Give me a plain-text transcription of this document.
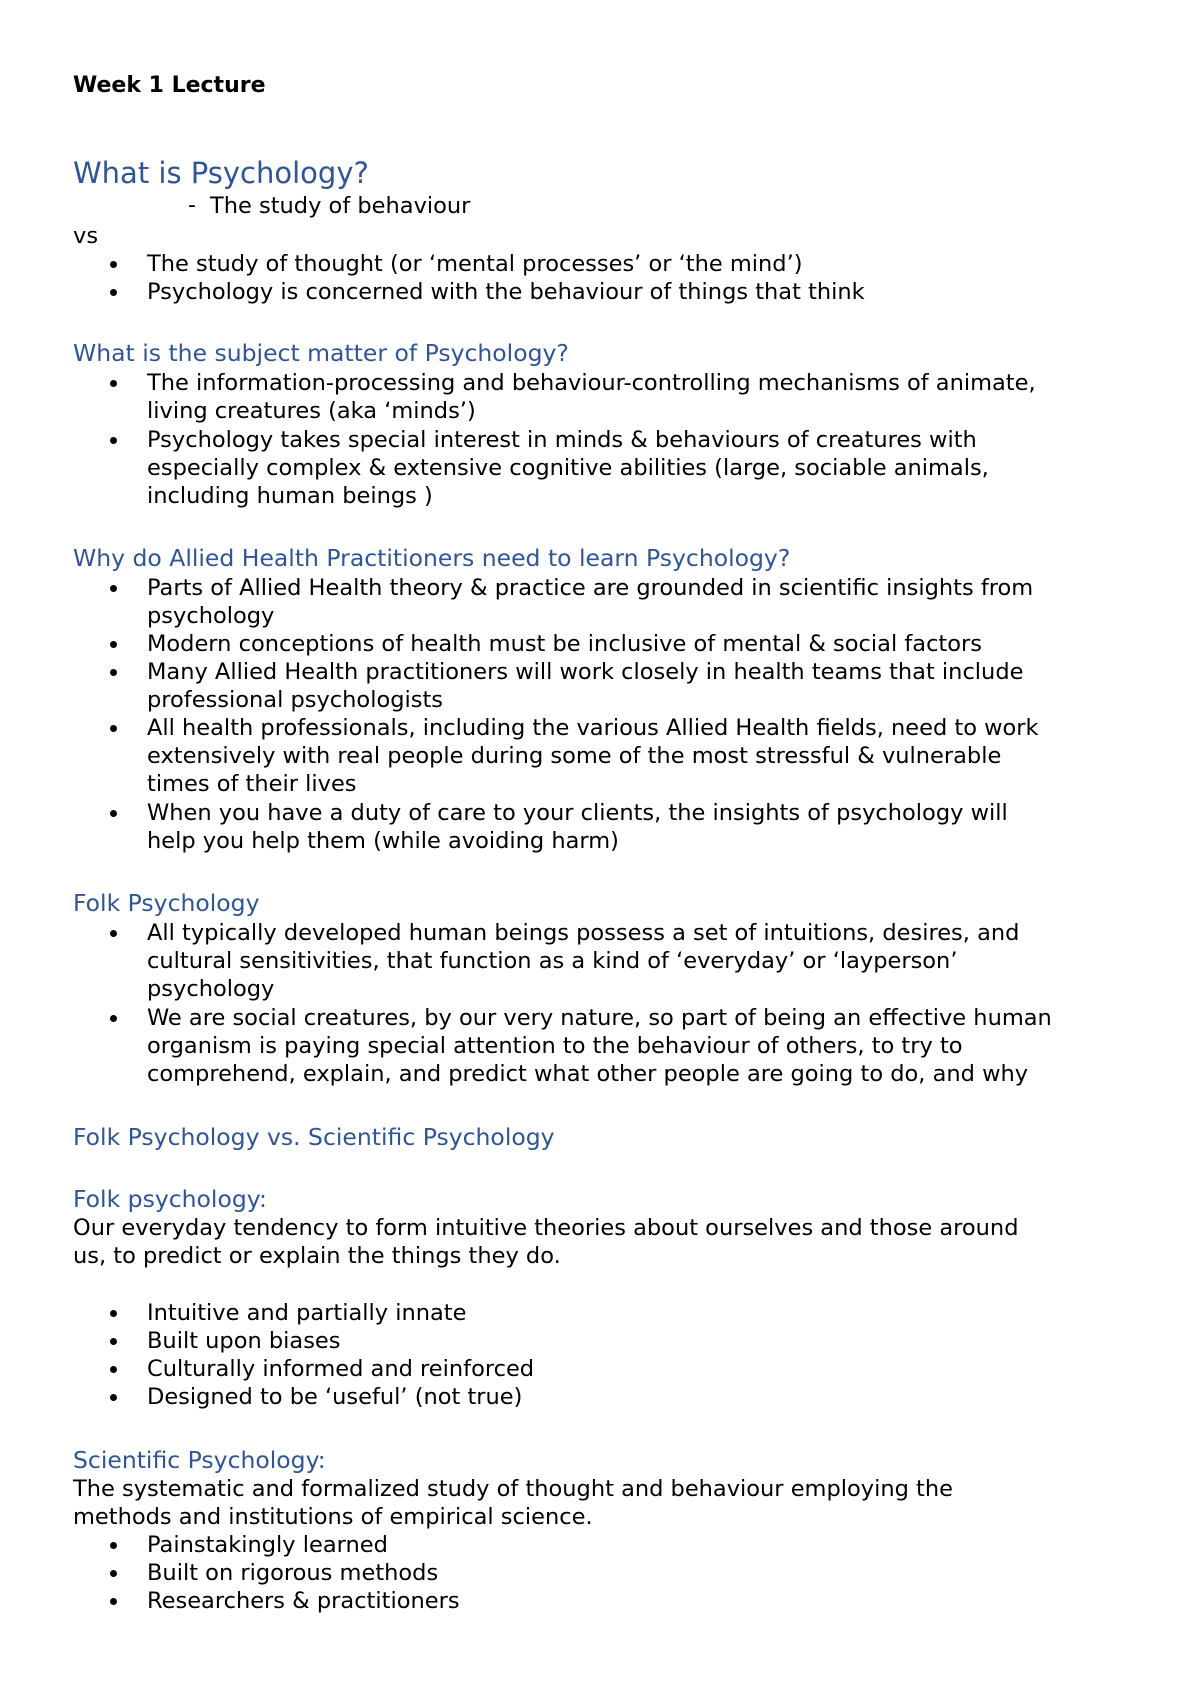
Week 1 Lecture
What is Psychology?
- The study of behaviour
vs
The study of thought (or ‘mental processes’ or ‘the mind’)
Psychology is concerned with the behaviour of things that think
What is the subject matter of Psychology?
The information-processing and behaviour-controlling mechanisms of animate,
living creatures (aka ‘minds’)
Psychology takes special interest in minds & behaviours of creatures with
especially complex & extensive cognitive abilities (large, sociable animals,
including human beings )
Why do Allied Health Practitioners need to learn Psychology?
Parts of Allied Health theory & practice are grounded in scientific insights from
psychology
Modern conceptions of health must be inclusive of mental & social factors
Many Allied Health practitioners will work closely in health teams that include
professional psychologists
All health professionals, including the various Allied Health fields, need to work
extensively with real people during some of the most stressful & vulnerable
times of their lives
When you have a duty of care to your clients, the insights of psychology will
help you help them (while avoiding harm)
Folk Psychology
All typically developed human beings possess a set of intuitions, desires, and
cultural sensitivities, that function as a kind of ‘everyday’ or ‘layperson’
psychology
We are social creatures, by our very nature, so part of being an effective human
organism is paying special attention to the behaviour of others, to try to
comprehend, explain, and predict what other people are going to do, and why
Folk Psychology vs. Scientific Psychology
Folk psychology:
Our everyday tendency to form intuitive theories about ourselves and those around
us, to predict or explain the things they do.
Intuitive and partially innate
Built upon biases
Culturally informed and reinforced
Designed to be ‘useful’ (not true)
Scientific Psychology:
The systematic and formalized study of thought and behaviour employing the
methods and institutions of empirical science.
Painstakingly learned
Built on rigorous methods
Researchers & practitioners
